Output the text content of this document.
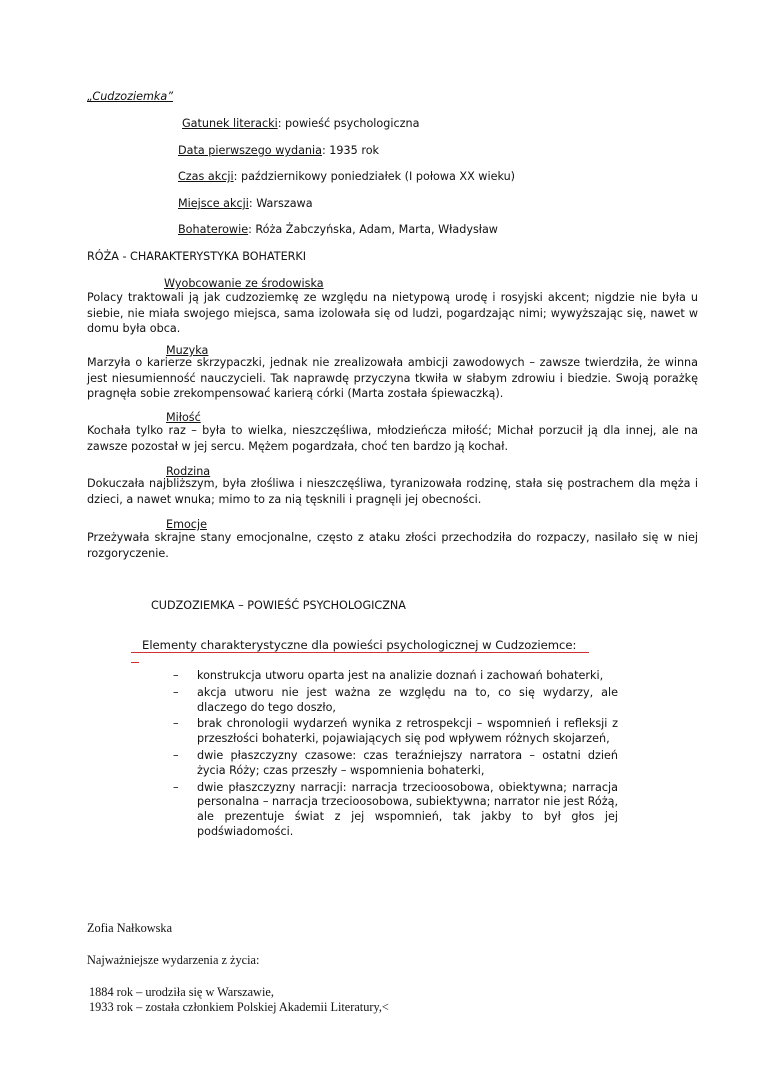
„Cudzoziemka”
Gatunek literacki: powieść psychologiczna
Data pierwszego wydania: 1935 rok
Czas akcji: październikowy poniedziałek (I połowa XX wieku)
Miejsce akcji: Warszawa
Bohaterowie: Róża Żabczyńska, Adam, Marta, Władysław
RÓŻA - CHARAKTERYSTYKA BOHATERKI
Wyobcowanie ze środowiska
Polacy traktowali ją jak cudzoziemkę ze względu na nietypową urodę i rosyjski akcent; nigdzie nie była u siebie, nie miała swojego miejsca, sama izolowała się od ludzi, pogardzając nimi; wywyższając się, nawet w domu była obca.
Muzyka
Marzyła o karierze skrzypaczki, jednak nie zrealizowała ambicji zawodowych – zawsze twierdziła, że winna jest niesumienność nauczycieli. Tak naprawdę przyczyna tkwiła w słabym zdrowiu i biedzie. Swoją porażkę pragnęła sobie zrekompensować karierą córki (Marta została śpiewaczką).
Miłość
Kochała tylko raz – była to wielka, nieszczęśliwa, młodzieńcza miłość; Michał porzucił ją dla innej, ale na zawsze pozostał w jej sercu. Mężem pogardzała, choć ten bardzo ją kochał.
Rodzina
Dokuczała najbliższym, była złośliwa i nieszczęśliwa, tyranizowała rodzinę, stała się postrachem dla męża i dzieci, a nawet wnuka; mimo to za nią tęsknili i pragnęli jej obecności.
Emocje
Przeżywała skrajne stany emocjonalne, często z ataku złości przechodziła do rozpaczy, nasilało się w niej rozgoryczenie.
CUDZOZIEMKA – POWIEŚĆ PSYCHOLOGICZNA
Elementy charakterystyczne dla powieści psychologicznej w Cudzoziemce:
– konstrukcja utworu oparta jest na analizie doznań i zachowań bohaterki,
– akcja utworu nie jest ważna ze względu na to, co się wydarzy, ale dlaczego do tego doszło,
– brak chronologii wydarzeń wynika z retrospekcji – wspomnień i refleksji z przeszłości bohaterki, pojawiających się pod wpływem różnych skojarzeń,
– dwie płaszczyzny czasowe: czas teraźniejszy narratora – ostatni dzień życia Róży; czas przeszły – wspomnienia bohaterki,
– dwie płaszczyzny narracji: narracja trzecioosobowa, obiektywna; narracja personalna – narracja trzecioosobowa, subiektywna; narrator nie jest Różą, ale prezentuje świat z jej wspomnień, tak jakby to był głos jej podświadomości.
Zofia Nałkowska
Najważniejsze wydarzenia z życia:
1884 rok – urodziła się w Warszawie,
1933 rok – została członkiem Polskiej Akademii Literatury,<
